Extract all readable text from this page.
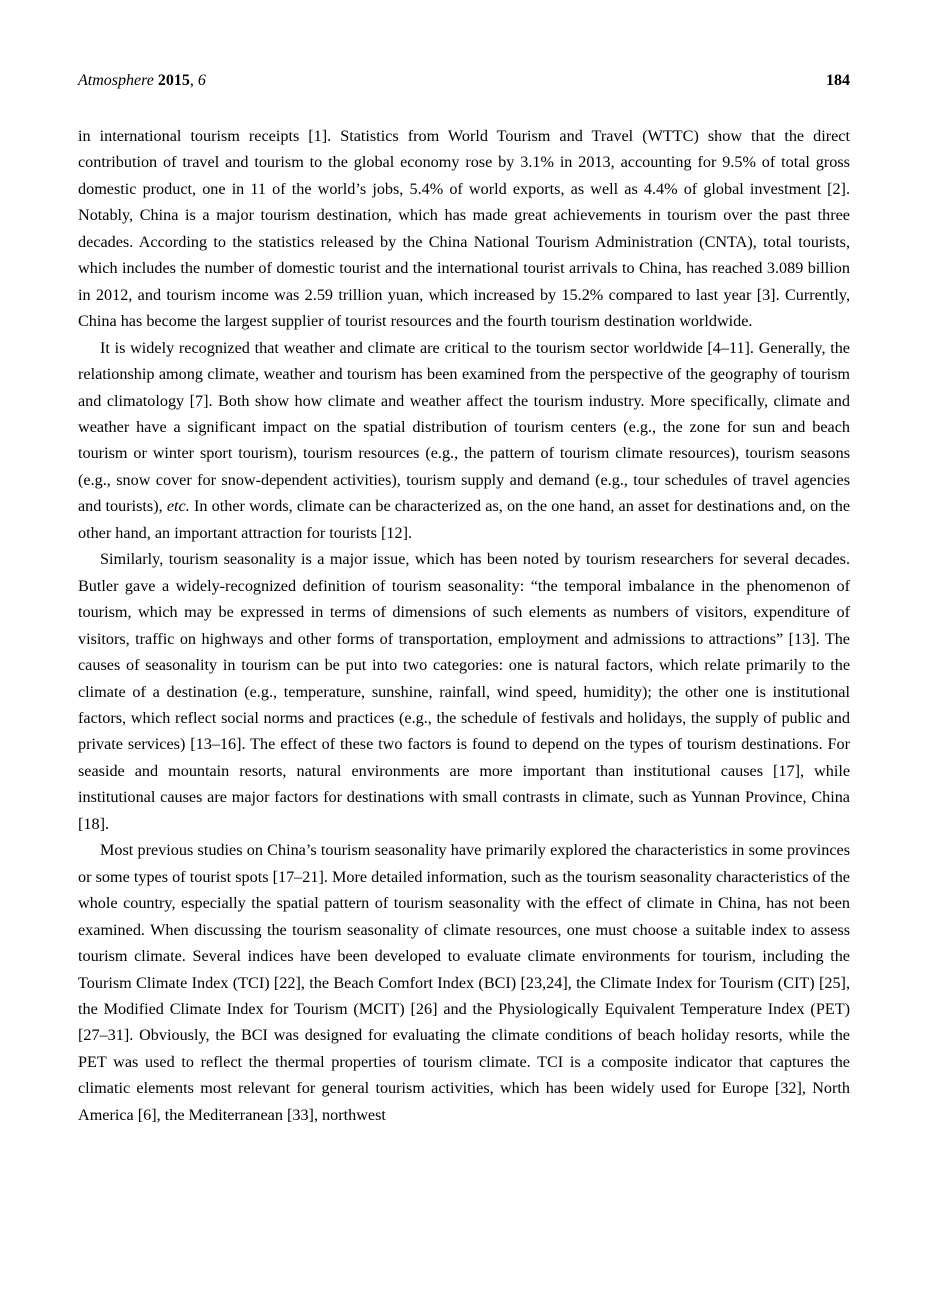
Atmosphere 2015, 6	184

in international tourism receipts [1]. Statistics from World Tourism and Travel (WTTC) show that the direct contribution of travel and tourism to the global economy rose by 3.1% in 2013, accounting for 9.5% of total gross domestic product, one in 11 of the world’s jobs, 5.4% of world exports, as well as 4.4% of global investment [2]. Notably, China is a major tourism destination, which has made great achievements in tourism over the past three decades. According to the statistics released by the China National Tourism Administration (CNTA), total tourists, which includes the number of domestic tourist and the international tourist arrivals to China, has reached 3.089 billion in 2012, and tourism income was 2.59 trillion yuan, which increased by 15.2% compared to last year [3]. Currently, China has become the largest supplier of tourist resources and the fourth tourism destination worldwide.

It is widely recognized that weather and climate are critical to the tourism sector worldwide [4–11]. Generally, the relationship among climate, weather and tourism has been examined from the perspective of the geography of tourism and climatology [7]. Both show how climate and weather affect the tourism industry. More specifically, climate and weather have a significant impact on the spatial distribution of tourism centers (e.g., the zone for sun and beach tourism or winter sport tourism), tourism resources (e.g., the pattern of tourism climate resources), tourism seasons (e.g., snow cover for snow-dependent activities), tourism supply and demand (e.g., tour schedules of travel agencies and tourists), etc. In other words, climate can be characterized as, on the one hand, an asset for destinations and, on the other hand, an important attraction for tourists [12].

Similarly, tourism seasonality is a major issue, which has been noted by tourism researchers for several decades. Butler gave a widely-recognized definition of tourism seasonality: “the temporal imbalance in the phenomenon of tourism, which may be expressed in terms of dimensions of such elements as numbers of visitors, expenditure of visitors, traffic on highways and other forms of transportation, employment and admissions to attractions” [13]. The causes of seasonality in tourism can be put into two categories: one is natural factors, which relate primarily to the climate of a destination (e.g., temperature, sunshine, rainfall, wind speed, humidity); the other one is institutional factors, which reflect social norms and practices (e.g., the schedule of festivals and holidays, the supply of public and private services) [13–16]. The effect of these two factors is found to depend on the types of tourism destinations. For seaside and mountain resorts, natural environments are more important than institutional causes [17], while institutional causes are major factors for destinations with small contrasts in climate, such as Yunnan Province, China [18].

Most previous studies on China’s tourism seasonality have primarily explored the characteristics in some provinces or some types of tourist spots [17–21]. More detailed information, such as the tourism seasonality characteristics of the whole country, especially the spatial pattern of tourism seasonality with the effect of climate in China, has not been examined. When discussing the tourism seasonality of climate resources, one must choose a suitable index to assess tourism climate. Several indices have been developed to evaluate climate environments for tourism, including the Tourism Climate Index (TCI) [22], the Beach Comfort Index (BCI) [23,24], the Climate Index for Tourism (CIT) [25], the Modified Climate Index for Tourism (MCIT) [26] and the Physiologically Equivalent Temperature Index (PET) [27–31]. Obviously, the BCI was designed for evaluating the climate conditions of beach holiday resorts, while the PET was used to reflect the thermal properties of tourism climate. TCI is a composite indicator that captures the climatic elements most relevant for general tourism activities, which has been widely used for Europe [32], North America [6], the Mediterranean [33], northwest
